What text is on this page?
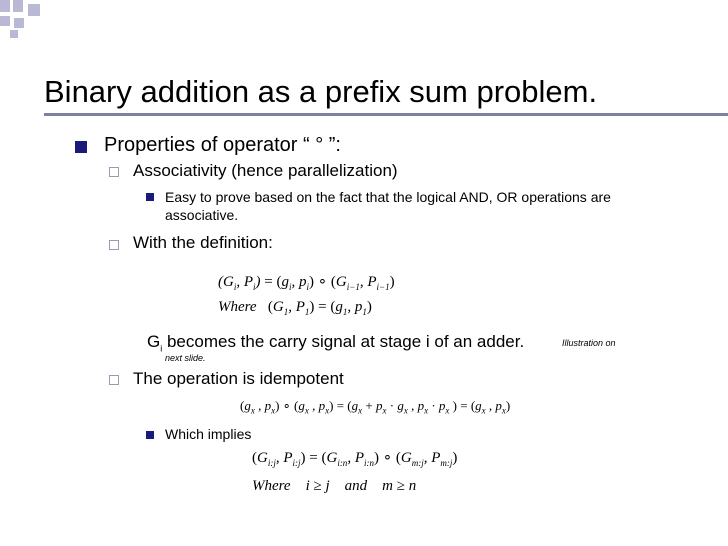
Binary addition as a prefix sum problem.
Properties of operator “ ° ”:
Associativity (hence parallelization)
Easy to prove based on the fact that the logical AND, OR operations are associative.
With the definition:
($G_i$, $P_i) = (g_i$, $p_i$) ∘ ($G_{i-1}$, $P_{i-1}$)
Where   ($G_1$, $P_1) = (g_1$, $p_1$)
$G_i$ becomes the carry signal at stage i of an adder.	Illustration on
next slide.
The operation is idempotent
($g_x$ , $p_x$) ∘ ($g_x$ , $p_x) = (g_x + p_x \cdot g_x$ , $p_x \cdot p_x$ ) = ($g_x$ , $p_x$)
Which implies
($G_{i:j}$, $P_{i:j}) = (G_{i:n}$, $P_{i:n}$) ∘ ($G_{m:j}$, $P_{m:j}$)
Where    i ≥ j    and    m ≥ n
